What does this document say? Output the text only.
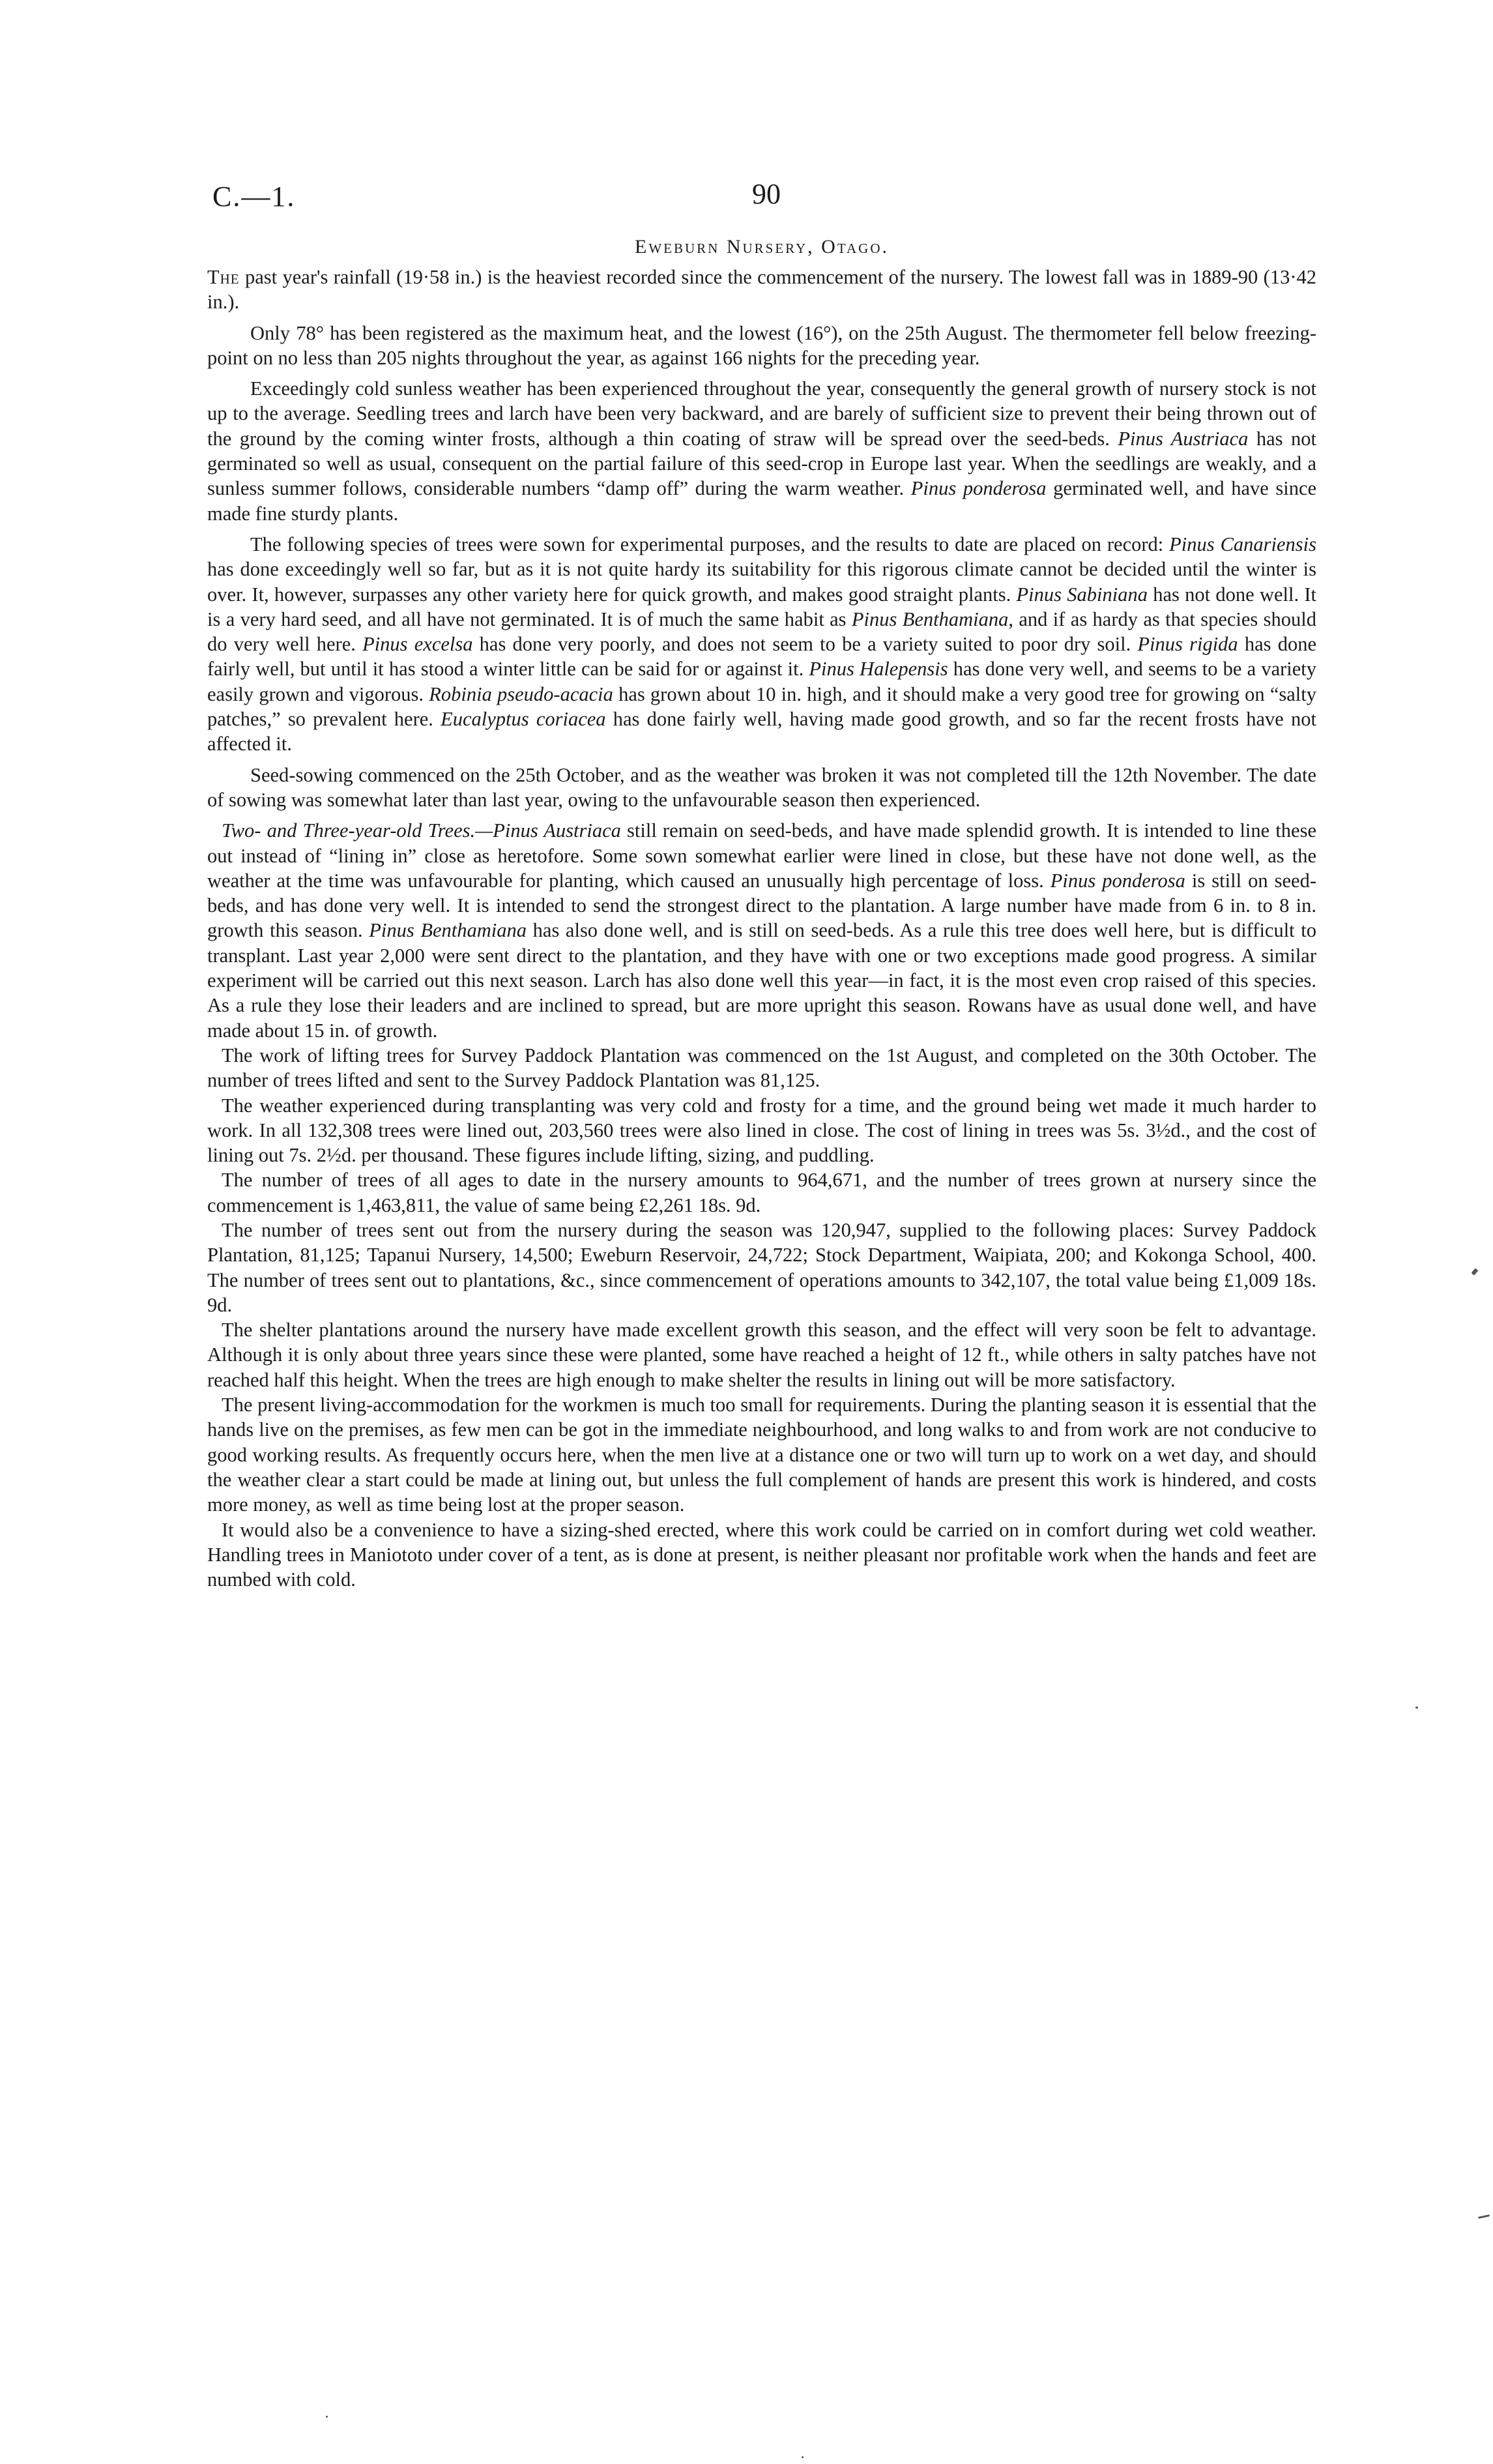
C.—1.	90
Eweburn Nursery, Otago.

The past year's rainfall (19·58 in.) is the heaviest recorded since the commencement of the nursery. The lowest fall was in 1889-90 (13·42 in.).

Only 78° has been registered as the maximum heat, and the lowest (16°), on the 25th August. The thermometer fell below freezing-point on no less than 205 nights throughout the year, as against 166 nights for the preceding year.

Exceedingly cold sunless weather has been experienced throughout the year, consequently the general growth of nursery stock is not up to the average. Seedling trees and larch have been very backward, and are barely of sufficient size to prevent their being thrown out of the ground by the coming winter frosts, although a thin coating of straw will be spread over the seed-beds. Pinus Austriaca has not germinated so well as usual, consequent on the partial failure of this seed-crop in Europe last year. When the seedlings are weakly, and a sunless summer follows, considerable numbers “damp off” during the warm weather. Pinus ponderosa germinated well, and have since made fine sturdy plants.

The following species of trees were sown for experimental purposes, and the results to date are placed on record: Pinus Canariensis has done exceedingly well so far, but as it is not quite hardy its suitability for this rigorous climate cannot be decided until the winter is over. It, however, surpasses any other variety here for quick growth, and makes good straight plants. Pinus Sabiniana has not done well. It is a very hard seed, and all have not germinated. It is of much the same habit as Pinus Benthamiana, and if as hardy as that species should do very well here. Pinus excelsa has done very poorly, and does not seem to be a variety suited to poor dry soil. Pinus rigida has done fairly well, but until it has stood a winter little can be said for or against it. Pinus Halepensis has done very well, and seems to be a variety easily grown and vigorous. Robinia pseudo-acacia has grown about 10 in. high, and it should make a very good tree for growing on “salty patches,” so prevalent here. Eucalyptus coriacea has done fairly well, having made good growth, and so far the recent frosts have not affected it.

Seed-sowing commenced on the 25th October, and as the weather was broken it was not completed till the 12th November. The date of sowing was somewhat later than last year, owing to the unfavourable season then experienced.

Two- and Three-year-old Trees.—Pinus Austriaca still remain on seed-beds, and have made splendid growth. It is intended to line these out instead of “lining in” close as heretofore. Some sown somewhat earlier were lined in close, but these have not done well, as the weather at the time was unfavourable for planting, which caused an unusually high percentage of loss. Pinus ponderosa is still on seed-beds, and has done very well. It is intended to send the strongest direct to the plantation. A large number have made from 6 in. to 8 in. growth this season. Pinus Benthamiana has also done well, and is still on seed-beds. As a rule this tree does well here, but is difficult to transplant. Last year 2,000 were sent direct to the plantation, and they have with one or two exceptions made good progress. A similar experiment will be carried out this next season. Larch has also done well this year—in fact, it is the most even crop raised of this species. As a rule they lose their leaders and are inclined to spread, but are more upright this season. Rowans have as usual done well, and have made about 15 in. of growth.

The work of lifting trees for Survey Paddock Plantation was commenced on the 1st August, and completed on the 30th October. The number of trees lifted and sent to the Survey Paddock Plantation was 81,125.

The weather experienced during transplanting was very cold and frosty for a time, and the ground being wet made it much harder to work. In all 132,308 trees were lined out, 203,560 trees were also lined in close. The cost of lining in trees was 5s. 3½d., and the cost of lining out 7s. 2½d. per thousand. These figures include lifting, sizing, and puddling.

The number of trees of all ages to date in the nursery amounts to 964,671, and the number of trees grown at nursery since the commencement is 1,463,811, the value of same being £2,261 18s. 9d.

The number of trees sent out from the nursery during the season was 120,947, supplied to the following places: Survey Paddock Plantation, 81,125; Tapanui Nursery, 14,500; Eweburn Reservoir, 24,722; Stock Department, Waipiata, 200; and Kokonga School, 400. The number of trees sent out to plantations, &c., since commencement of operations amounts to 342,107, the total value being £1,009 18s. 9d.

The shelter plantations around the nursery have made excellent growth this season, and the effect will very soon be felt to advantage. Although it is only about three years since these were planted, some have reached a height of 12 ft., while others in salty patches have not reached half this height. When the trees are high enough to make shelter the results in lining out will be more satisfactory.

The present living-accommodation for the workmen is much too small for requirements. During the planting season it is essential that the hands live on the premises, as few men can be got in the immediate neighbourhood, and long walks to and from work are not conducive to good working results. As frequently occurs here, when the men live at a distance one or two will turn up to work on a wet day, and should the weather clear a start could be made at lining out, but unless the full complement of hands are present this work is hindered, and costs more money, as well as time being lost at the proper season.

It would also be a convenience to have a sizing-shed erected, where this work could be carried on in comfort during wet cold weather. Handling trees in Maniototo under cover of a tent, as is done at present, is neither pleasant nor profitable work when the hands and feet are numbed with cold.
